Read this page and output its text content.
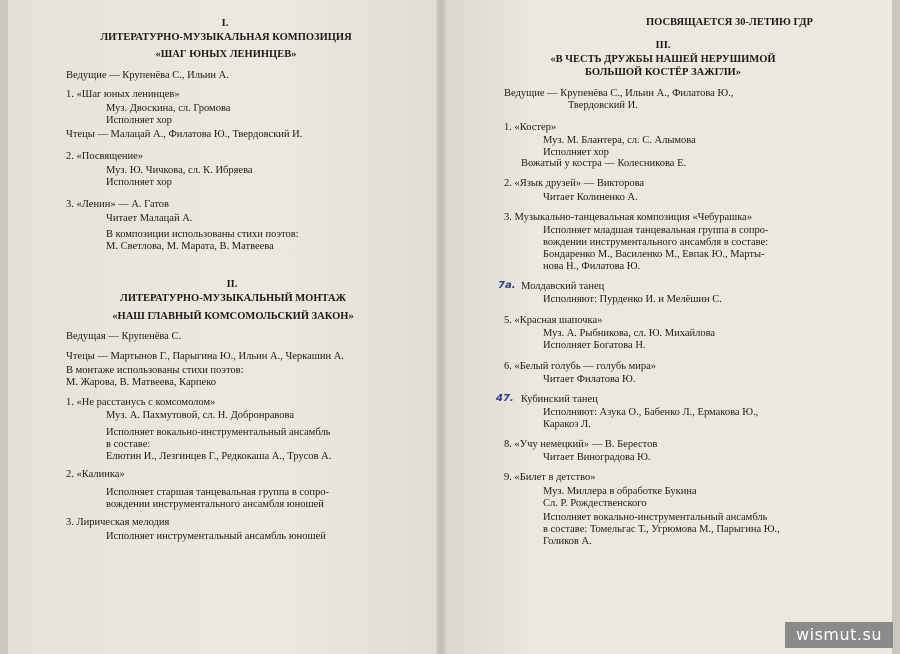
I.
ЛИТЕРАТУРНО-МУЗЫКАЛЬНАЯ КОМПОЗИЦИЯ
«ШАГ ЮНЫХ ЛЕНИНЦЕВ»
Ведущие — Крупенёва С., Ильин А.
1. «Шаг юных ленинцев»
Муз. Двоскина, сл. Громова
Исполняет хор
Чтецы — Малацай А., Филатова Ю., Твердовский И.
2. «Посвящение»
Муз. Ю. Чичкова, сл. К. Ибряева
Исполняет хор
3. «Ленин» — А. Гатов
Читает Малацай А.
В композиции использованы стихи поэтов:
М. Светлова, М. Марата, В. Матвеева
II.
ЛИТЕРАТУРНО-МУЗЫКАЛЬНЫЙ МОНТАЖ
«НАШ ГЛАВНЫЙ КОМСОМОЛЬСКИЙ ЗАКОН»
Ведущая — Крупенёва С.
Чтецы — Мартынов Г., Парыгина Ю., Ильин А., Черкашин А.
В монтаже использованы стихи поэтов:
М. Жарова, В. Матвеева, Карпеко
1. «Не расстанусь с комсомолом»
Муз. А. Пахмутовой, сл. Н. Добронравова
Исполняет вокально-инструментальный ансамбль
в составе:
Елютин И., Лезгинцев Г., Редкокаша А., Трусов А.
2. «Калинка»
Исполняет старшая танцевальная группа в сопро-
вождении инструментального ансамбля юношей
3. Лирическая мелодия
Исполняет инструментальный ансамбль юношей
ПОСВЯЩАЕТСЯ 30-ЛЕТИЮ ГДР
III.
«В ЧЕСТЬ ДРУЖБЫ НАШЕЙ НЕРУШИМОЙ
БОЛЬШОЙ КОСТЁР ЗАЖГЛИ»
Ведущие — Крупенёва С., Ильин А., Филатова Ю.,
Твердовский И.
1. «Костер»
Муз. М. Блантера, сл. С. Алымова
Исполняет хор
Вожатый у костра — Колесникова Е.
2. «Язык друзей» — Викторова
Читает Колиненко А.
3. Музыкально-танцевальная композиция «Чебурашка»
Исполняет младшая танцевальная группа в сопро-
вождении инструментального ансамбля в составе:
Бондаренко М., Василенко М., Евпак Ю., Марты-
нова Н., Филатова Ю.
7а. Молдавский танец
Исполняют: Пурденко И. и Мелёшин С.
5. «Красная шапочка»
Муз. А. Рыбникова, сл. Ю. Михайлова
Исполняет Богатова Н.
6. «Белый голубь — голубь мира»
Читает Филатова Ю.
47. Кубинский танец
Исполняют: Азука О., Бабенко Л., Ермакова Ю.,
Каракоз Л.
8. «Учу немецкий» — В. Берестов
Читает Виноградова Ю.
9. «Билет в детство»
Муз. Миллера в обработке Букина
Сл. Р. Рождественского
Исполняет вокально-инструментальный ансамбль
в составе: Томельгас Т., Угрюмова М., Парыгина Ю.,
Голиков А.
wismut.su
